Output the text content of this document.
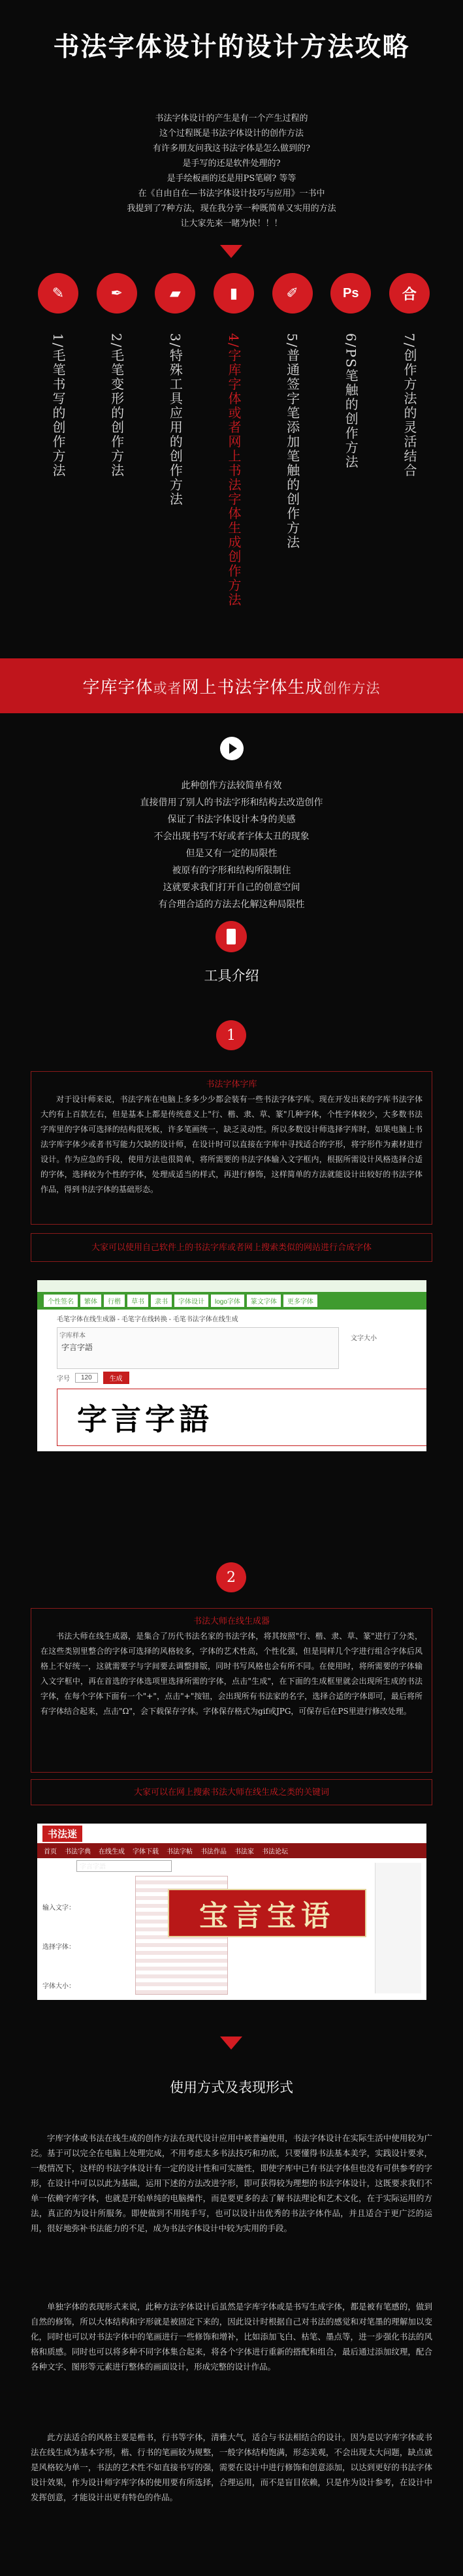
书法字体设计的设计方法攻略
书法字体设计的产生是有一个产生过程的
这个过程既是书法字体设计的创作方法
有许多朋友问我这书法字体是怎么做到的?
是手写的还是软件处理的?
是手绘板画的还是用PS笔刷? 等等
在《自由自在—书法字体设计技巧与应用》一书中
我提到了7种方法，现在我分享一种既简单又实用的方法
让大家先来一睹为快！！！
✎	✒	▰	▮	✐	Ps	合
1/毛笔书写的创作方法	2/毛笔变形的创作方法	3/特殊工具应用的创作方法	4/字库字体或者网上书法字体生成创作方法	5/普通签字笔添加笔触的创作方法	6/PS笔触的创作方法	7/创作方法的灵活结合
字库字体或者网上书法字体生成创作方法
此种创作方法较简单有效
直接借用了别人的书法字形和结构去改造创作
保证了书法字体设计本身的美感
不会出现书写不好或者字体太丑的现象
但是又有一定的局限性
被原有的字形和结构所限制住
这就要求我们打开自己的创意空间
有合理合适的方法去化解这种局限性
工具介绍
1
书法字体字库
对于设计师来说，书法字库在电脑上多多少少都会装有一些书法字体字库。现在开发出来的字库书法字体大约有上百款左右，但是基本上都是传统意义上"行、楷、隶、草、篆"几种字体，个性字体较少，大多数书法字库里的字体可选择的结构很死板，许多笔画统一，缺乏灵动性。所以多数设计师选择字库时，如果电脑上书法字库字体少或者书写能力欠缺的设计师，在设计时可以直接在字库中寻找适合的字形，将字形作为素材进行设计。作为应急的手段，使用方法也很简单，将所需要的书法字体输入文字框内，根据所需设计风格选择合适的字体，选择较为个性的字体，处理成适当的样式，再进行修饰，这样简单的方法就能设计出较好的书法字体作品，得到书法字体的基础形态。
大家可以使用自己软件上的书法字库或者网上搜索类似的网站进行合成字体
个性签名	繁体	行楷	草书	隶书	字体设计	logo字体	篆文字体	更多字体
毛笔字体在线生成器 - 毛笔字在线转换 - 毛笔书法字体在线生成
字库样本
字言字語
文字大小
字号	120	生成
字言字語
2
书法大师在线生成器
书法大师在线生成器，是集合了历代书法名家的书法字体，将其按照"行、楷、隶、草、篆"进行了分类，在这些类别里整合的字体可选择的风格较多，字体的艺术性高，个性化强，但是同样几个字进行组合字体后风格上不好统一，这就需要字与字间要去调整排版，同时书写风格也会有所不同。在使用时，将所需要的字体输入文字框中，再在首选的字体选项里选择所需的字体，点击"生成"，在下面的生成框里就会出现所生成的书法字体，在每个字体下面有一个"+"，点击"+"按钮，会出现所有书法家的名字，选择合适的字体即可，最后将所有字体结合起来，点击"Ω"，会下载保存字体。字体保存格式为gif或JPG，可保存后在PS里进行修改处理。
大家可以在网上搜索书法大师在线生成之类的关键词
书法迷
首页 书法字典 在线生成 字体下载 书法字帖 书法作品 书法家 书法论坛
字言字語
输入文字：
选择字体：
字体大小：
宝言宝语
使用方式及表现形式
字库字体或书法在线生成的创作方法在现代设计应用中被普遍使用，书法字体设计在实际生活中使用较为广泛。基于可以完全在电脑上处理完成，不用考虑太多书法技巧和功底，只要懂得书法基本美学，实践设计要求，一般情况下，这样的书法字体设计有一定的设计性和可实施性，即使字库中已有书法字体但也没有可供参考的字形，在设计中可以以此为基础，运用下述的方法改进字形，即可获得较为理想的书法字体设计，这既要求我们不单一依赖字库字体，也就是开始单纯的电脑操作，而是要更多的去了解书法理论和艺术文化，在于实际运用的方法，真正的为设计所服务。即使做到不用纯手写，也可以设计出优秀的书法字体作品，并且适合于更广泛的运用，很好地弥补书法能力的不足，成为书法字体设计中较为实用的手段。
单独字体的表现形式来说，此种方法字体设计后虽然是字库字体或是书写生成字体，都是被有笔感的，做到自然的修饰，所以大体结构和字形就是被固定下来的，因此设计时根据自己对书法的感觉和对笔墨的理解加以变化，同时也可以对书法字体中的笔画进行一些修饰和增补，比如添加飞白、枯笔、墨点等，进一步强化书法的风格和质感。同时也可以将多种不同字体集合起来，将各个字体进行重新的搭配和组合，最后通过添加纹理，配合各种文字、图形等元素进行整体的画面设计，形成完整的设计作品。
此方法适合的风格主要是楷书，行书等字体，清雅大气，适合与书法相结合的设计。因为是以字库字体或书法在线生成为基本字形，楷、行书的笔画较为规整，一般字体结构饱满，形态美观，不会出现太大问题，缺点就是风格较为单一，书法的艺术性不如直接书写的强，需要在设计中进行修饰和创意添加，以达到更好的书法字体设计效果，作为设计师字库字体的使用要有所选择，合理运用，而不是盲目依赖，只是作为设计参考，在设计中发挥创意，才能设计出更有特色的作品。
